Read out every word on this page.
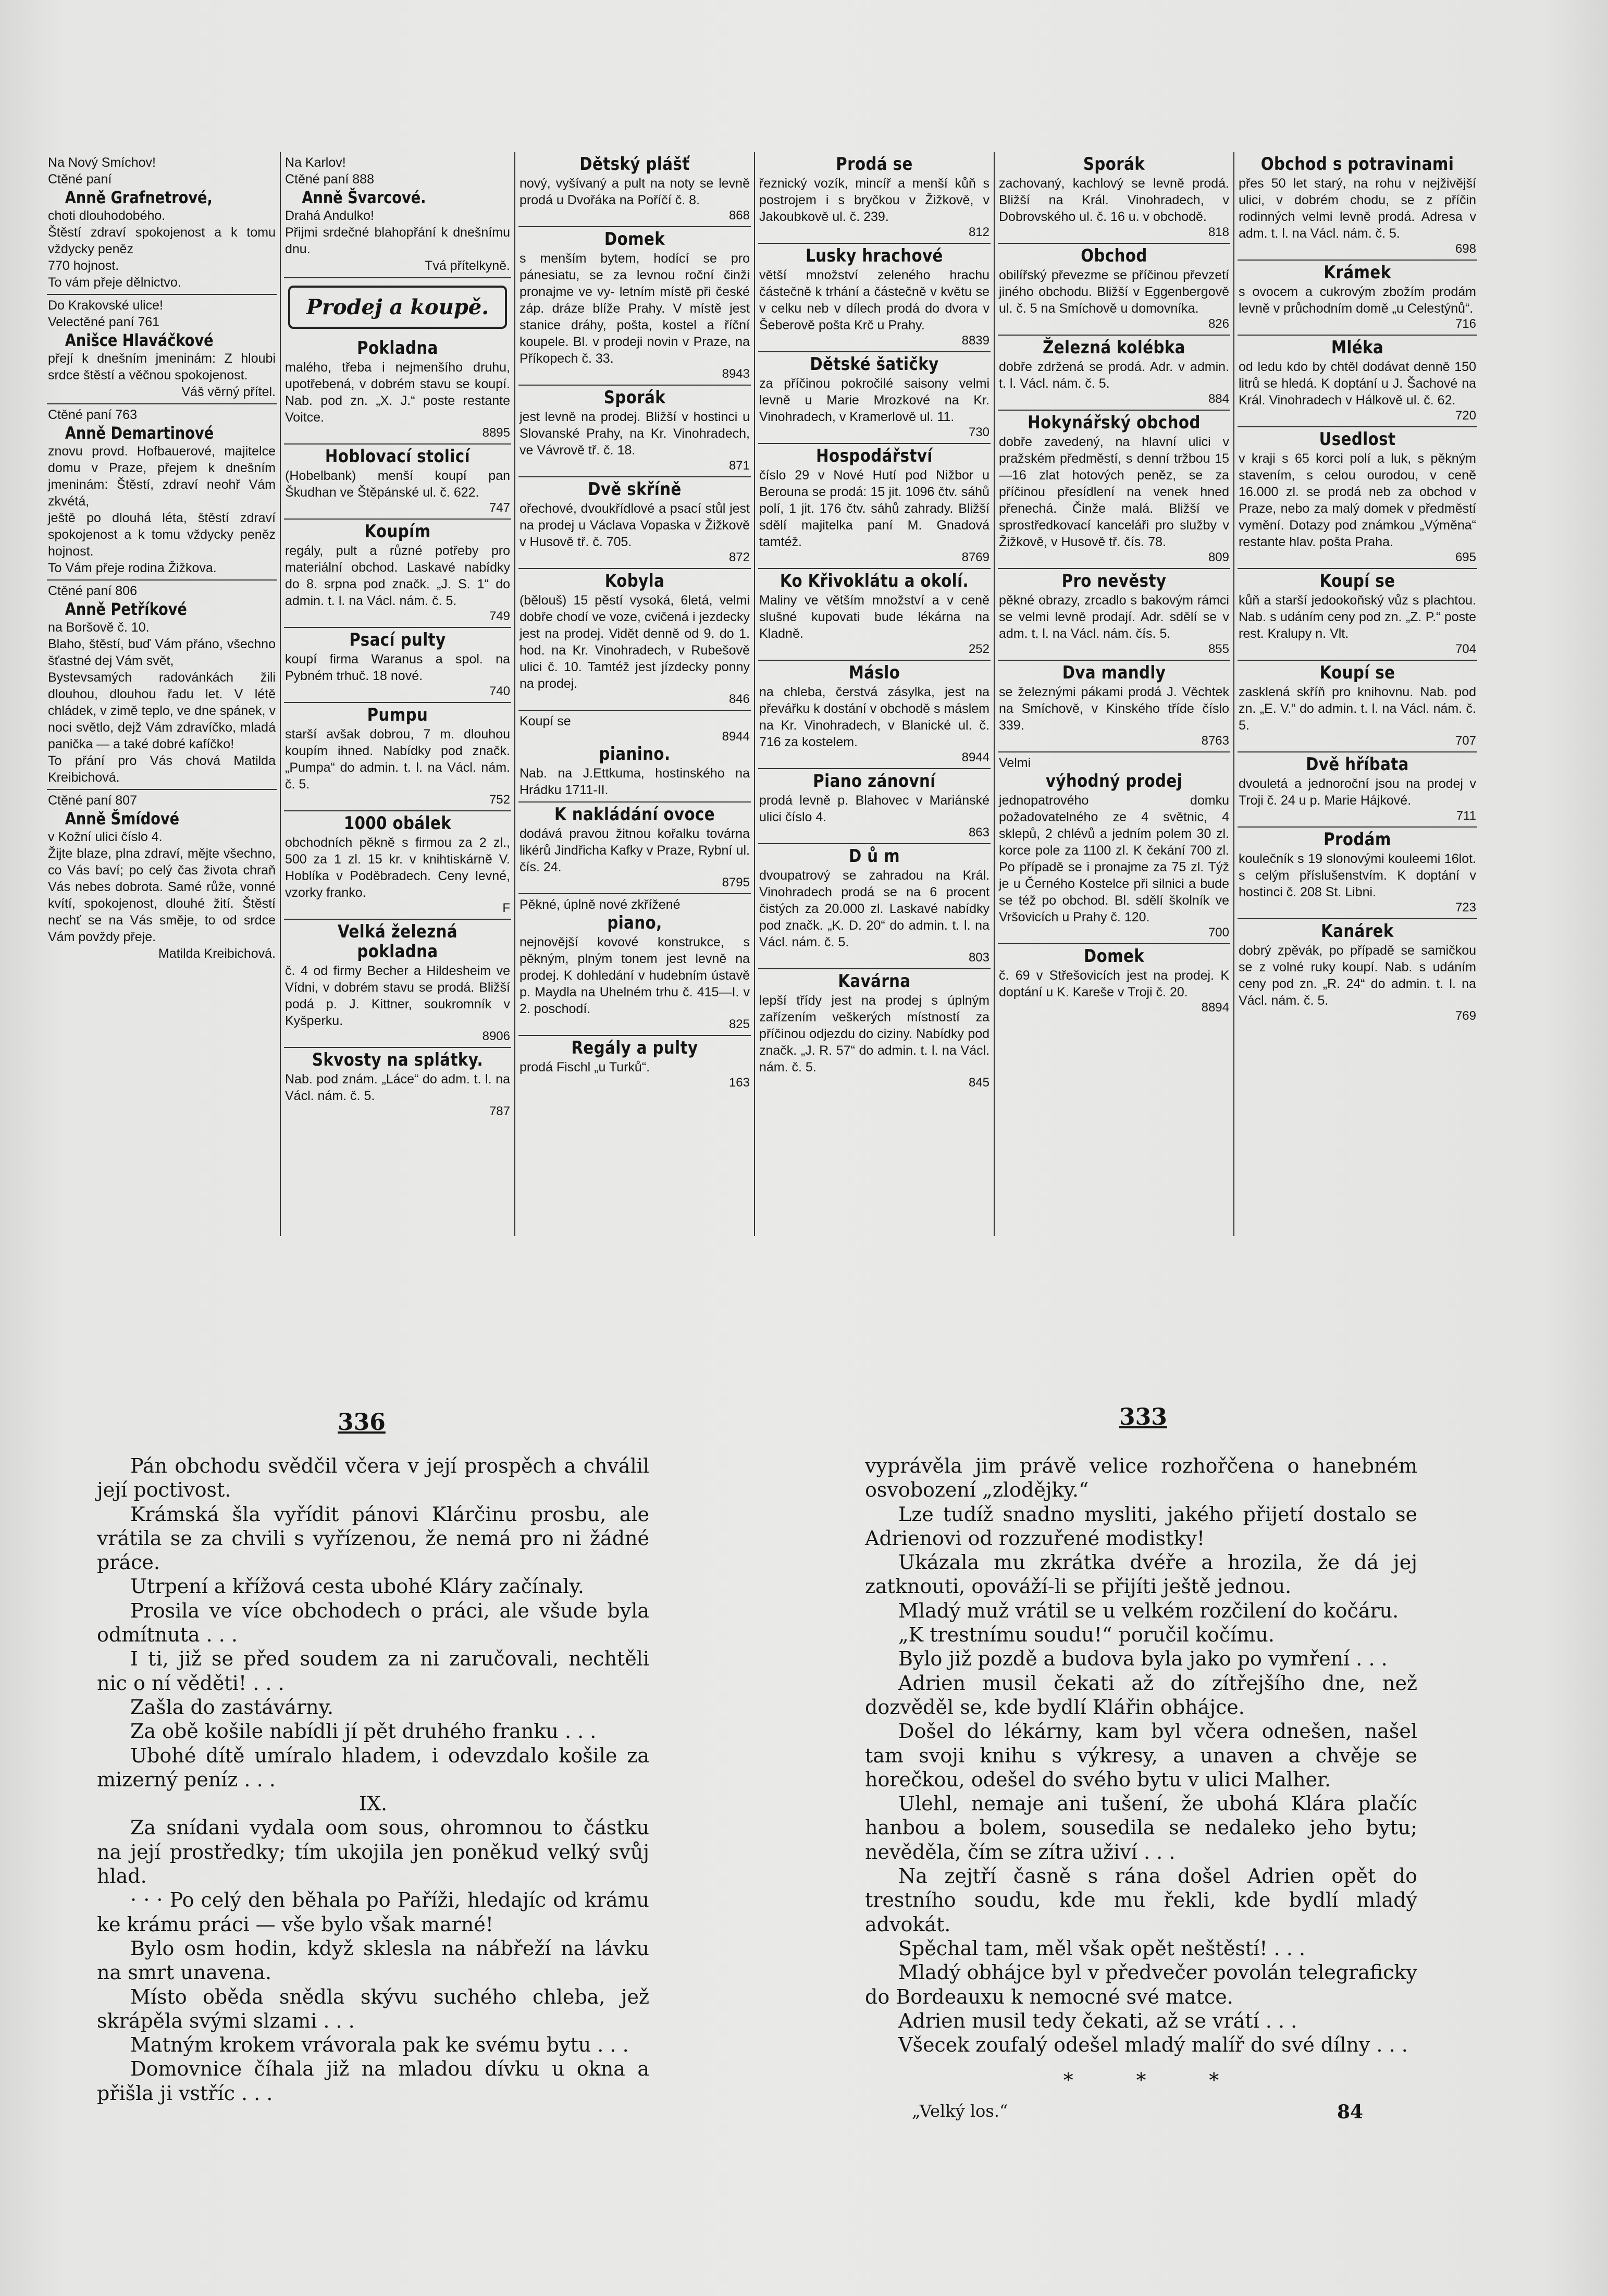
Na Nový Smíchov!

Ctěné paní

Anně Grafnetrové,

choti dlouhodobého.

Štěstí zdraví spokojenost a k tomu vždycky peněz

770 hojnost.

To vám přeje dělnictvo.

Do Krakovské ulice!

Velectěné paní 761

Anišce Hlaváčkové

přejí k dnešním jmeninám: Z hloubi srdce štěstí a věčnou spokojenost.

Váš věrný přítel.

Ctěné paní 763

Anně Demartinové

znovu provd. Hofbauerové, majitelce domu v Praze, přejem k dnešním jmeninám: Štěstí, zdraví neohř Vám zkvétá,

ještě po dlouhá léta, štěstí zdraví spokojenost a k tomu vždycky peněz hojnost.

To Vám přeje rodina Žižkova.

Ctěné paní 806

Anně Petříkové

na Boršově č. 10.

Blaho, štěstí, buď Vám přáno, všechno šťastné dej Vám svět,

Bystevsamých radovánkách žili dlouhou, dlouhou řadu let. V létě chládek, v zimě teplo, ve dne spánek, v noci světlo, dejž Vám zdravíčko, mladá panička — a také dobré kafíčko!

To přání pro Vás chová Matilda Kreibichová.

Ctěné paní 807

Anně Šmídové

v Kožní ulici číslo 4.

Žijte blaze, plna zdraví, mějte všechno, co Vás baví; po celý čas života chraň Vás nebes dobrota. Samé růže, vonné kvítí, spokojenost, dlouhé žití. Štěstí nechť se na Vás směje, to od srdce Vám povždy přeje.

Matilda Kreibichová.

Na Karlov!

Ctěné paní 888

Anně Švarcové.

Drahá Andulko!

Přijmi srdečné blahopřání k dnešnímu dnu.

Tvá přítelkyně.

Prodej a koupě.
Pokladna

malého, třeba i nejmenšího druhu, upotřebená, v dobrém stavu se koupí. Nab. pod zn. „X. J.“ poste restante Voitce.

8895
Hoblovací stolicí

(Hobelbank) menší koupí pan Škudhan ve Štěpánské ul. č. 622.

747
Koupím

regály, pult a různé potřeby pro materiální obchod. Laskavé nabídky do 8. srpna pod značk. „J. S. 1“ do admin. t. l. na Václ. nám. č. 5.

749
Psací pulty

koupí firma Waranus a spol. na Pybném trhuč. 18 nové.

740
Pumpu

starší avšak dobrou, 7 m. dlouhou koupím ihned. Nabídky pod značk. „Pumpa“ do admin. t. l. na Václ. nám. č. 5.

752
1000 obálek

obchodních pěkně s firmou za 2 zl., 500 za 1 zl. 15 kr. v knihtiskárně V. Hoblíka v Poděbradech. Ceny levné, vzorky franko.

F
Velká železná pokladna

č. 4 od firmy Becher a Hildesheim ve Vídni, v dobrém stavu se prodá. Bližší podá p. J. Kittner, soukromník v Kyšperku.

8906
Skvosty na splátky.

Nab. pod znám. „Láce“ do adm. t. l. na Václ. nám. č. 5.

787
Dětský plášť

nový, vyšívaný a pult na noty se levně prodá u Dvořáka na Poříčí č. 8.

868
Domek

s menším bytem, hodící se pro pánesiatu, se za levnou roční činži pronajme ve vy- letním místě při české záp. dráze blíže Prahy. V místě jest stanice dráhy, pošta, kostel a říční koupele. Bl. v prodeji novin v Praze, na Příkopech č. 33.

8943
Sporák

jest levně na prodej. Bližší v hostinci u Slovanské Prahy, na Kr. Vinohradech, ve Vávrově tř. č. 18.

871
Dvě skříně

ořechové, dvoukřídlové a psací stůl jest na prodej u Václava Vopaska v Žižkově v Husově tř. č. 705.

872
Kobyla

(bělouš) 15 pěstí vysoká, 6letá, velmi dobře chodí ve voze, cvičená i jezdecky jest na prodej. Vidět denně od 9. do 1. hod. na Kr. Vinohradech, v Rubešově ulici č. 10. Tamtéž jest jízdecky ponny na prodej.

846

Koupí se

8944
pianino.

Nab. na J.Ettkuma, hostinského na Hrádku 1711-II.

K nakládání ovoce

dodává pravou žitnou kořalku továrna likérů Jindřicha Kafky v Praze, Rybní ul. čís. 24.

8795

Pěkné, úplně nové zkřížené

piano,

nejnovější kovové konstrukce, s pěkným, plným tonem jest levně na prodej. K dohledání v hudebním ústavě p. Maydla na Uhelném trhu č. 415—I. v 2. poschodí.

825
Regály a pulty

prodá Fischl „u Turků“.

163
Prodá se

řeznický vozík, mincíř a menší kůň s postrojem i s bryčkou v Žižkově, v Jakoubkově ul. č. 239.

812
Lusky hrachové

větší množství zeleného hrachu částečně k trhání a částečně v květu se v celku neb v dílech prodá do dvora v Šeberově pošta Krč u Prahy.

8839
Dětské šatičky

za příčinou pokročilé saisony velmi levně u Marie Mrozkové na Kr. Vinohradech, v Kramerlově ul. 11.

730
Hospodářství

číslo 29 v Nové Hutí pod Nižbor u Berouna se prodá: 15 jit. 1096 čtv. sáhů polí, 1 jit. 176 čtv. sáhů zahrady. Bližší sdělí majitelka paní M. Gnadová tamtéž.

8769
Ko Křivoklátu a okolí.

Maliny ve větším množství a v ceně slušné kupovati bude lékárna na Kladně.

252
Máslo

na chleba, čerstvá zásylka, jest na převářku k dostání v obchodě s máslem na Kr. Vinohradech, v Blanické ul. č. 716 za kostelem.

8944
Piano zánovní

prodá levně p. Blahovec v Mariánské ulici číslo 4.

863
D ů m

dvoupatrový se zahradou na Král. Vinohradech prodá se na 6 procent čistých za 20.000 zl. Laskavé nabídky pod značk. „K. D. 20“ do admin. t. l. na Václ. nám. č. 5.

803
Kavárna

lepší třídy jest na prodej s úplným zařízením veškerých místností za příčinou odjezdu do ciziny. Nabídky pod značk. „J. R. 57“ do admin. t. l. na Václ. nám. č. 5.

845
Sporák

zachovaný, kachlový se levně prodá. Bližší na Král. Vinohradech, v Dobrovského ul. č. 16 u. v obchodě.

818
Obchod

obilířský převezme se příčinou převzetí jiného obchodu. Bližší v Eggenbergově ul. č. 5 na Smíchově u domovníka.

826
Železná kolébka

dobře zdržená se prodá. Adr. v admin. t. l. Václ. nám. č. 5.

884
Hokynářský obchod

dobře zavedený, na hlavní ulici v pražském předměstí, s denní tržbou 15—16 zlat hotových peněz, se za příčinou přesídlení na venek hned přenechá. Činže malá. Bližší ve sprostředkovací kanceláři pro služby v Žižkově, v Husově tř. čís. 78.

809
Pro nevěsty

pěkné obrazy, zrcadlo s bakovým rámci se velmi levně prodají. Adr. sdělí se v adm. t. l. na Václ. nám. čís. 5.

855
Dva mandly

se železnými pákami prodá J. Věchtek na Smíchově, v Kinského tříde číslo 339.

8763

Velmi

výhodný prodej

jednopatrového domku požadovatelného ze 4 světnic, 4 sklepů, 2 chlévů a jedním polem 30 zl. korce pole za 1100 zl. K čekání 700 zl. Po případě se i pronajme za 75 zl. Týž je u Černého Kostelce při silnici a bude se též po obchod. Bl. sdělí školník ve Vršovicích u Prahy č. 120.

700
Domek

č. 69 v Střešovicích jest na prodej. K doptání u K. Kareše v Troji č. 20.

8894
Obchod s potravinami

přes 50 let starý, na rohu v nejživější ulici, v dobrém chodu, se z příčin rodinných velmi levně prodá. Adresa v adm. t. l. na Václ. nám. č. 5.

698
Krámek

s ovocem a cukrovým zbožím prodám levně v průchodním domě „u Celestýnů“.

716
Mléka

od ledu kdo by chtěl dodávat denně 150 litrů se hledá. K doptání u J. Šachové na Král. Vinohradech v Hálkově ul. č. 62.

720
Usedlost

v kraji s 65 korci polí a luk, s pěkným stavením, s celou ourodou, v ceně 16.000 zl. se prodá neb za obchod v Praze, nebo za malý domek v předměstí vymění. Dotazy pod známkou „Výměna“ restante hlav. pošta Praha.

695
Koupí se

kůň a starší jedookoňský vůz s plachtou. Nab. s udáním ceny pod zn. „Z. P.“ poste rest. Kralupy n. Vlt.

704
Koupí se

zasklená skříň pro knihovnu. Nab. pod zn. „E. V.“ do admin. t. l. na Václ. nám. č. 5.

707
Dvě hříbata

dvouletá a jednoroční jsou na prodej v Troji č. 24 u p. Marie Hájkové.

711
Prodám

koulečník s 19 slonovými kouleemi 16lot. s celým příslušenstvím. K doptání v hostinci č. 208 St. Libni.

723
Kanárek

dobrý zpěvák, po případě se samičkou se z volné ruky koupí. Nab. s udáním ceny pod zn. „R. 24“ do admin. t. l. na Václ. nám. č. 5.

769
336	333

Pán obchodu svědčil včera v její prospěch a chválil její poctivost.

Krámská šla vyřídit pánovi Klárčinu prosbu, ale vrátila se za chvili s vyřízenou, že nemá pro ni žádné práce.

Utrpení a křížová cesta ubohé Kláry začínaly.

Prosila ve více obchodech o práci, ale všude byla odmítnuta . . .

I ti, již se před soudem za ni zaručovali, nechtěli nic o ní věděti! . . .

Zašla do zastávárny.

Za obě košile nabídli jí pět druhého franku . . .

Ubohé dítě umíralo hladem, i odevzdalo košile za mizerný peníz . . .

IX.

Za snídani vydala oom sous, ohromnou to částku na její prostředky; tím ukojila jen poněkud velký svůj hlad.

· · · Po celý den běhala po Paříži, hledajíc od krámu ke krámu práci — vše bylo však marné!

Bylo osm hodin, když sklesla na nábřeží na lávku na smrt unavena.

Místo oběda snědla skývu suchého chleba, jež skrápěla svými slzami . . .

Matným krokem vrávorala pak ke svému bytu . . .

Domovnice číhala již na mladou dívku u okna a přišla ji vstříc . . .

vyprávěla jim právě velice rozhořčena o hanebném osvobození „zlodějky.“

Lze tudíž snadno mysliti, jakého přijetí dostalo se Adrienovi od rozzuřené modistky!

Ukázala mu zkrátka dvéře a hrozila, že dá jej zatknouti, opováží-li se přijíti ještě jednou.

Mladý muž vrátil se u velkém rozčilení do kočáru.

„K trestnímu soudu!“ poručil kočímu.

Bylo již pozdě a budova byla jako po vymření . . .

Adrien musil čekati až do zítřejšího dne, než dozvěděl se, kde bydlí Klářin obhájce.

Došel do lékárny, kam byl včera odnešen, našel tam svoji knihu s výkresy, a unaven a chvěje se horečkou, odešel do svého bytu v ulici Malher.

Ulehl, nemaje ani tušení, že ubohá Klára plačíc hanbou a bolem, sousedila se nedaleko jeho bytu; nevěděla, čím se zítra uživí . . .

Na zejtří časně s rána došel Adrien opět do trestního soudu, kde mu řekli, kde bydlí mladý advokát.

Spěchal tam, měl však opět neštěstí! . . .

Mladý obhájce byl v předvečer povolán telegraficky do Bordeauxu k nemocné své matce.

Adrien musil tedy čekati, až se vrátí . . .

Všecek zoufalý odešel mladý malíř do své dílny . . .

*          *          *

„Velký los.“	84
